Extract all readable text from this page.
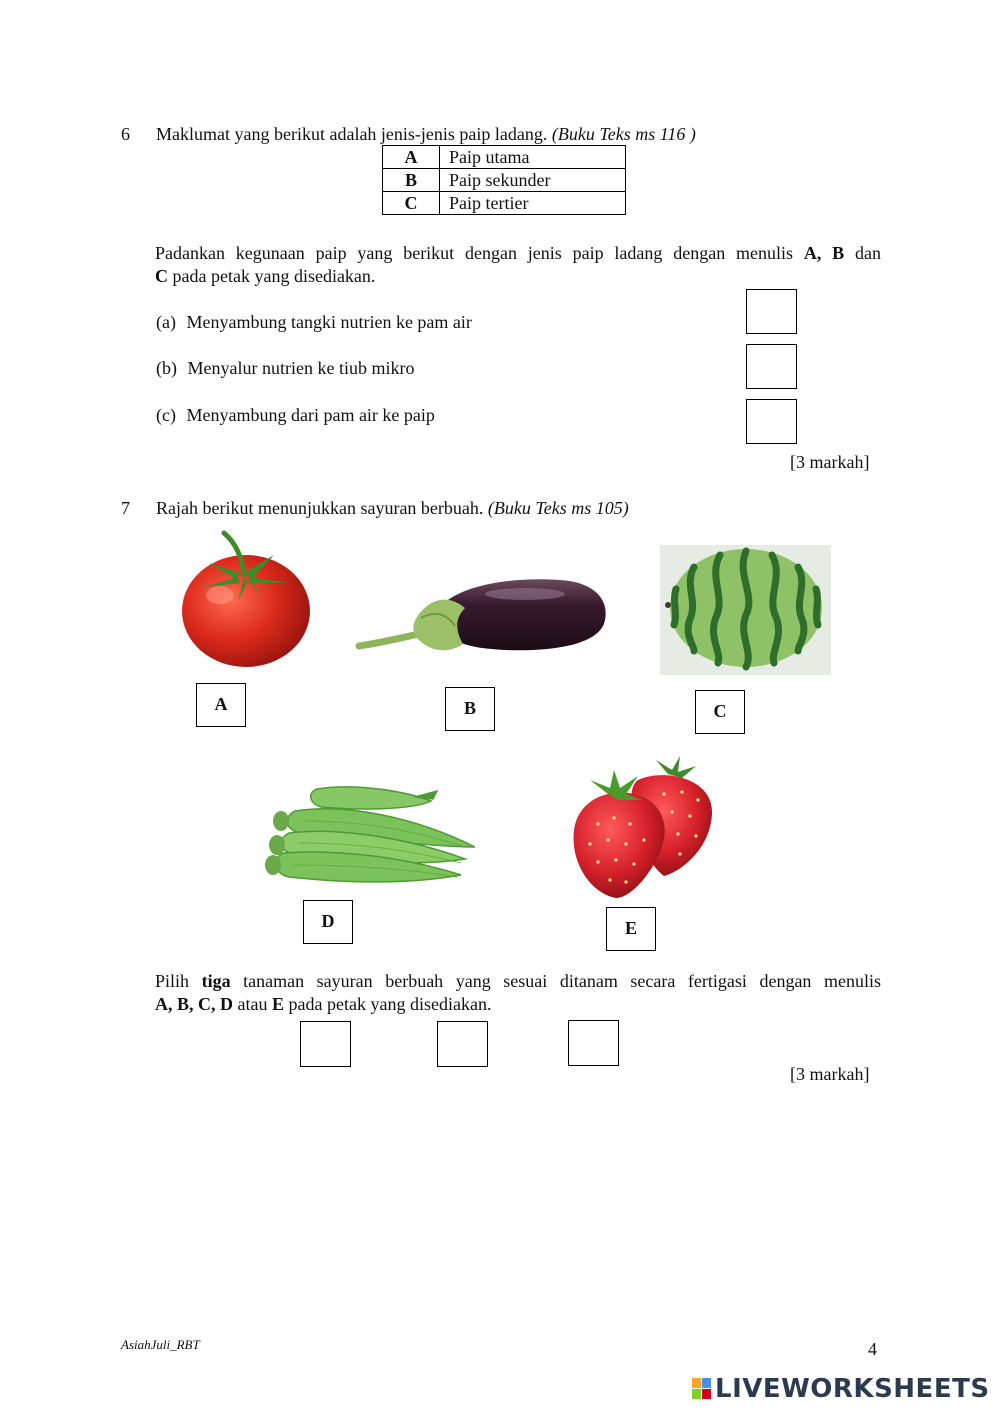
6 Maklumat yang berikut adalah jenis-jenis paip ladang. (Buku Teks ms 116 )
A	Paip utama
B	Paip sekunder
C	Paip tertier
Padankan kegunaan paip yang berikut dengan jenis paip ladang dengan menulis A, B dan
C pada petak yang disediakan.
(a) Menyambung tangki nutrien ke pam air
(b) Menyalur nutrien ke tiub mikro
(c) Menyambung dari pam air ke paip
[3 markah]
7 Rajah berikut menunjukkan sayuran berbuah. (Buku Teks ms 105)
A	B	C
D	E
Pilih tiga tanaman sayuran berbuah yang sesuai ditanam secara fertigasi dengan menulis
A, B, C, D atau E pada petak yang disediakan.
[3 markah]
AsiahJuli_RBT	4
LIVEWORKSHEETS
